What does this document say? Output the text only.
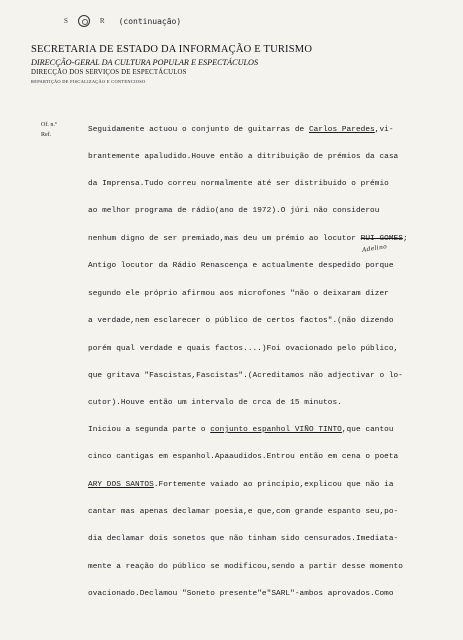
S	R (continuação)
SECRETARIA DE ESTADO DA INFORMAÇÃO E TURISMO
DIRECÇÃO-GERAL DA CULTURA POPULAR E ESPECTÁCULOS
DIRECÇÃO DOS SERVIÇOS DE ESPECTÁCULOS
REPARTIÇÃO DE FISCALIZAÇÃO E CONTENCIOSO
Of. n.º
Ref.
Adelino
Seguidamente actuou o conjunto de guitarras de Carlos Paredes,vi-
brantemente apaludido.Houve então a ditribuição de prémios da casa
da Imprensa.Tudo correu normalmente até ser distribuido o prémio
ao melhor programa de rádio(ano de 1972).O júri não considerou
nenhum digno de ser premiado,mas deu um prémio ao locutor RUI GOMES;
Antigo locutor da Rádio Renascença e actualmente despedido porque
segundo ele próprio afirmou aos microfones "não o deixaram dizer
a verdade,nem esclarecer o público de certos factos".(não dizendo
porém qual verdade e quais factos....)Foi ovacionado pelo público,
que gritava "Fascistas,Fascistas".(Acreditamos não adjectivar o lo-
cutor).Houve então um intervalo de crca de 15 minutos.
Iniciou a segunda parte o conjunto espanhol VIÑO TINTO,que cantou
cinco cantigas em espanhol.Apaaudidos.Entrou então em cena o poeta
ARY DOS SANTOS.Fortemente vaiado ao princípio,explicou que não ia
cantar mas apenas declamar poesia,e que,com grande espanto seu,po-
dia declamar dois sonetos que não tinham sido censurados.Imediata-
mente a reação do público se modificou,sendo a partir desse momento
ovacionado.Declamou "Soneto presente"e"SARL"-ambos aprovados.Como
